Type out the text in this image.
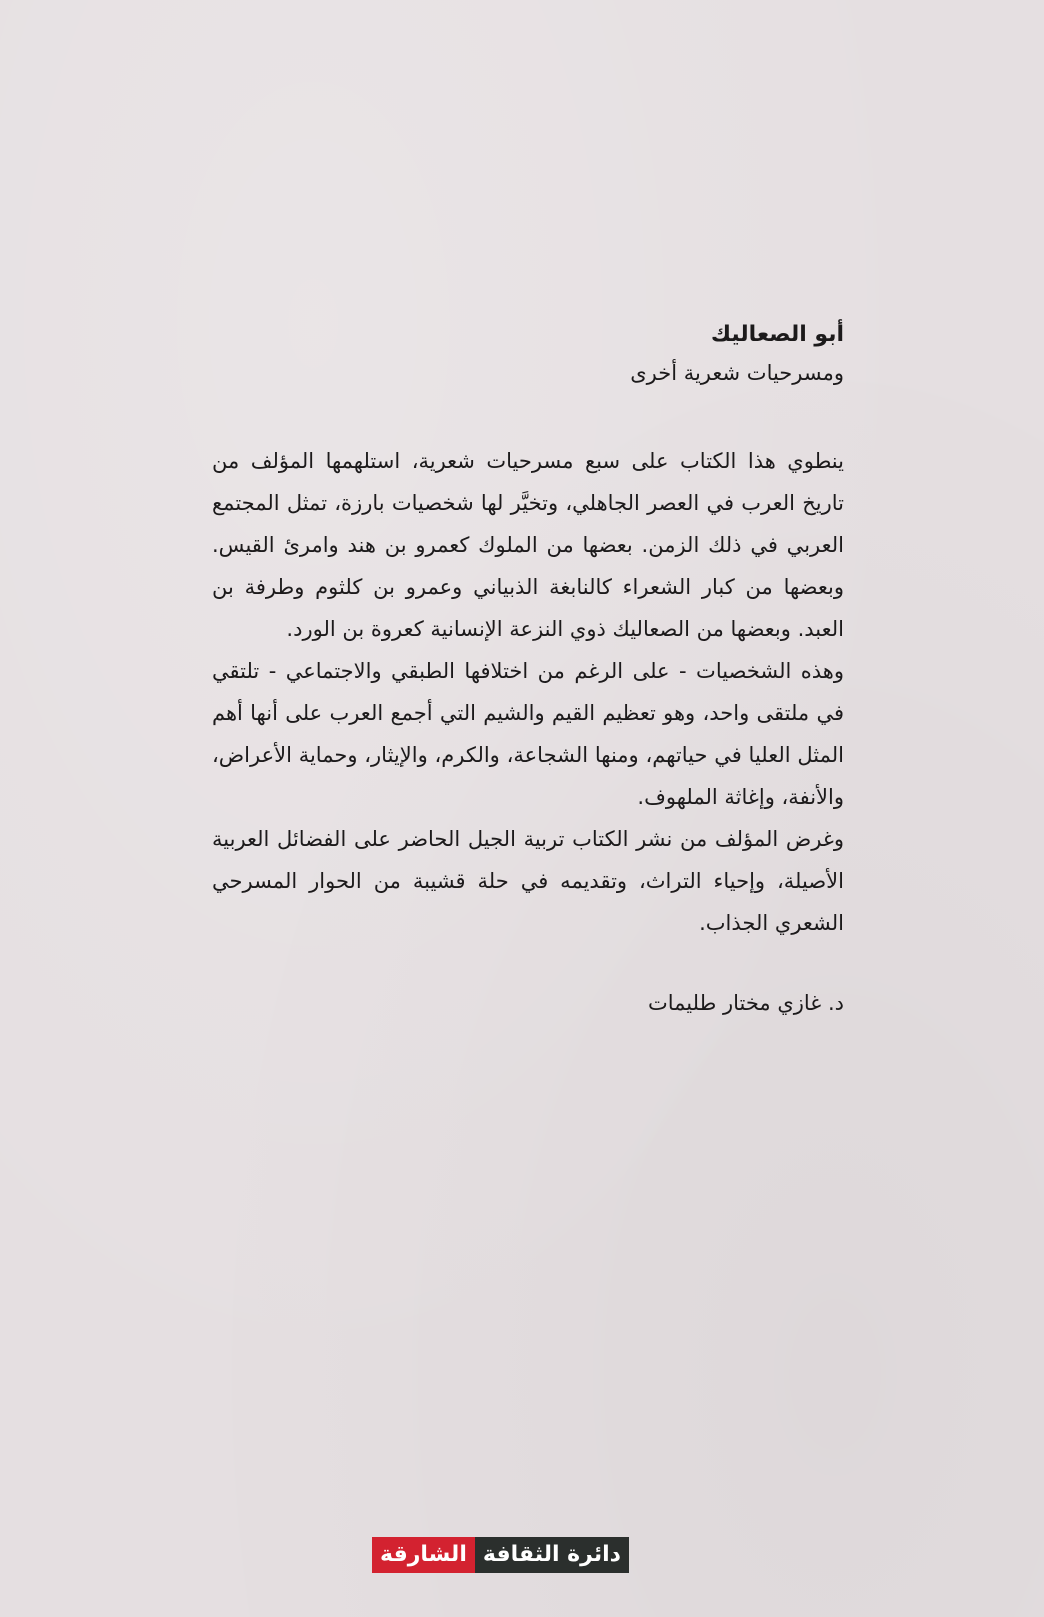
أبو الصعاليك
ومسرحيات شعرية أخرى

ينطوي هذا الكتاب على سبع مسرحيات شعرية، استلهمها المؤلف من تاريخ العرب في العصر الجاهلي، وتخيَّر لها شخصيات بارزة، تمثل المجتمع العربي في ذلك الزمن. بعضها من الملوك كعمرو بن هند وامرئ القيس. وبعضها من كبار الشعراء كالنابغة الذبياني وعمرو بن كلثوم وطرفة بن العبد. وبعضها من الصعاليك ذوي النزعة الإنسانية كعروة بن الورد.

وهذه الشخصيات - على الرغم من اختلافها الطبقي والاجتماعي - تلتقي في ملتقى واحد، وهو تعظيم القيم والشيم التي أجمع العرب على أنها أهم المثل العليا في حياتهم، ومنها الشجاعة، والكرم، والإيثار، وحماية الأعراض، والأنفة، وإغاثة الملهوف.

وغرض المؤلف من نشر الكتاب تربية الجيل الحاضر على الفضائل العربية الأصيلة، وإحياء التراث، وتقديمه في حلة قشيبة من الحوار المسرحي الشعري الجذاب.

د. غازي مختار طليمات
الشارقة دائرة الثقافة
